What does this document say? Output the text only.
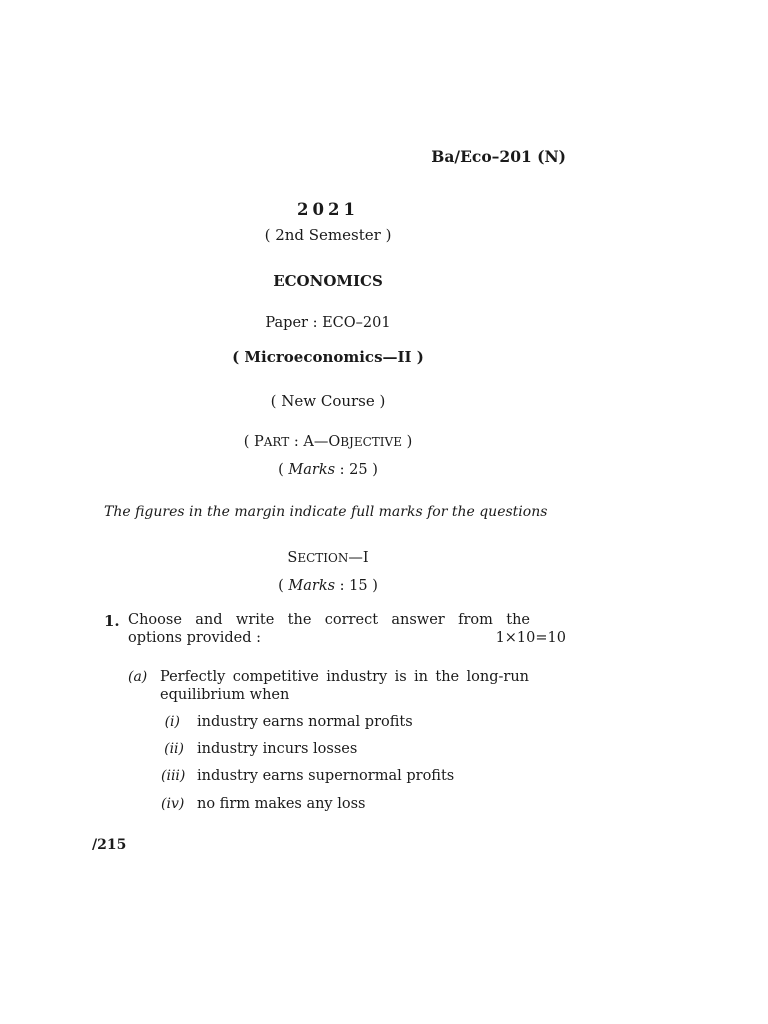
Ba/Eco–201 (N)
2021
( 2nd Semester )
ECONOMICS
Paper : ECO–201
( Microeconomics—II )
( New Course )
( PART : A—OBJECTIVE )
( Marks : 25 )
The figures in the margin indicate full marks for the questions
SECTION—I
( Marks : 15 )
1. Choose and write the correct answer from the
options provided :	1×10=10
(a) Perfectly competitive industry is in the long-run
equilibrium when
(i) industry earns normal profits
(ii) industry incurs losses
(iii) industry earns supernormal profits
(iv) no firm makes any loss
/215
